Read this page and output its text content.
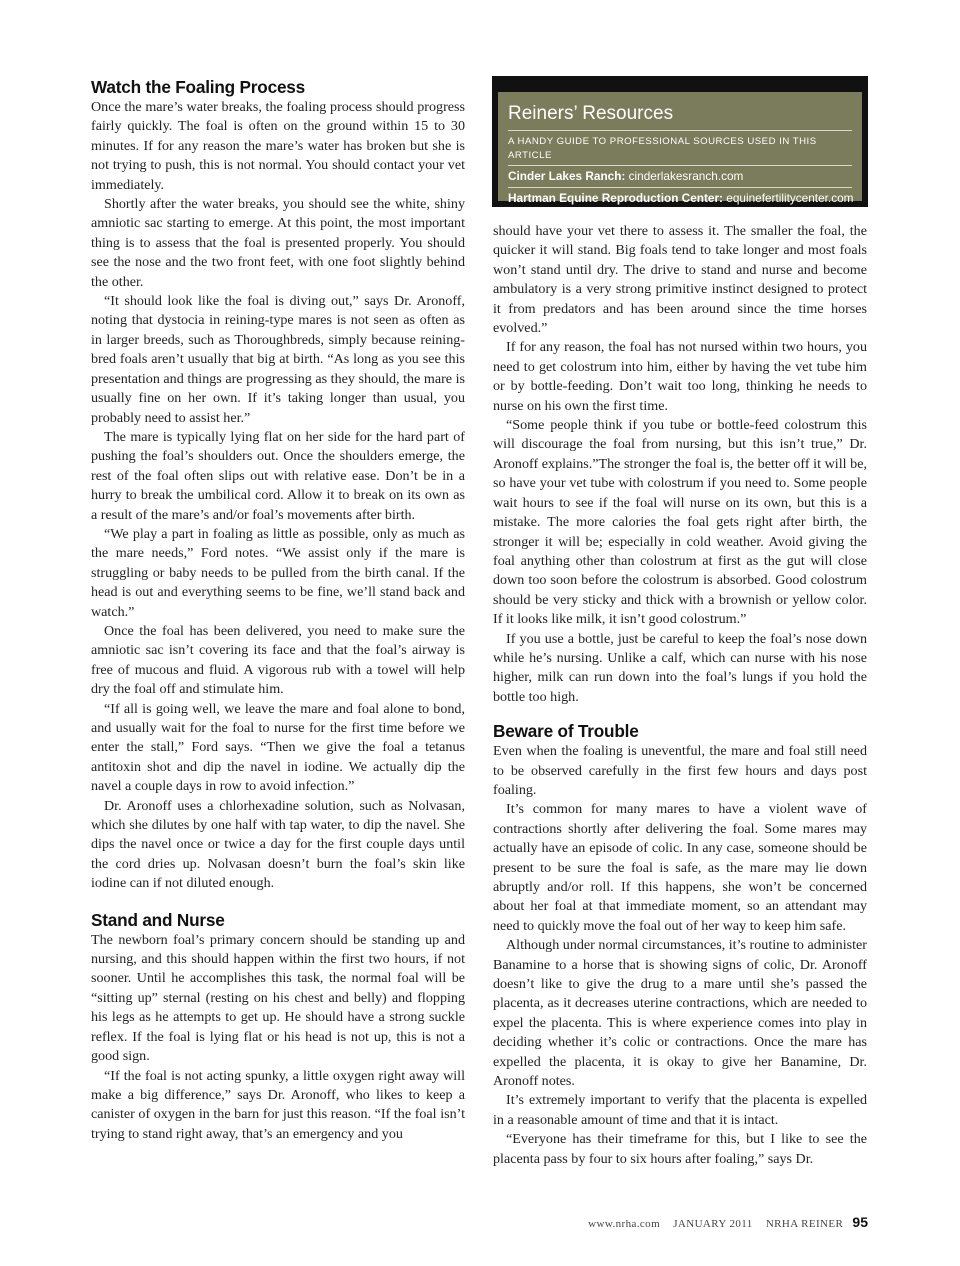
Watch the Foaling Process

Once the mare’s water breaks, the foaling process should progress fairly quickly. The foal is often on the ground within 15 to 30 minutes. If for any reason the mare’s water has broken but she is not trying to push, this is not normal. You should contact your vet immediately.

Shortly after the water breaks, you should see the white, shiny amniotic sac starting to emerge. At this point, the most important thing is to assess that the foal is presented properly. You should see the nose and the two front feet, with one foot slightly behind the other.

“It should look like the foal is diving out,” says Dr. Aronoff, noting that dystocia in reining-type mares is not seen as often as in larger breeds, such as Thoroughbreds, simply because reining-bred foals aren’t usually that big at birth. “As long as you see this presentation and things are progressing as they should, the mare is usually fine on her own. If it’s taking longer than usual, you probably need to assist her.”

The mare is typically lying flat on her side for the hard part of pushing the foal’s shoulders out. Once the shoulders emerge, the rest of the foal often slips out with relative ease. Don’t be in a hurry to break the umbilical cord. Allow it to break on its own as a result of the mare’s and/or foal’s movements after birth.

“We play a part in foaling as little as possible, only as much as the mare needs,” Ford notes. “We assist only if the mare is struggling or baby needs to be pulled from the birth canal. If the head is out and everything seems to be fine, we’ll stand back and watch.”

Once the foal has been delivered, you need to make sure the amniotic sac isn’t covering its face and that the foal’s airway is free of mucous and fluid. A vigorous rub with a towel will help dry the foal off and stimulate him.

“If all is going well, we leave the mare and foal alone to bond, and usually wait for the foal to nurse for the first time before we enter the stall,” Ford says. “Then we give the foal a tetanus antitoxin shot and dip the navel in iodine. We actually dip the navel a couple days in row to avoid infection.”

Dr. Aronoff uses a chlorhexadine solution, such as Nolvasan, which she dilutes by one half with tap water, to dip the navel. She dips the navel once or twice a day for the first couple days until the cord dries up. Nolvasan doesn’t burn the foal’s skin like iodine can if not diluted enough.

Stand and Nurse

The newborn foal’s primary concern should be standing up and nursing, and this should happen within the first two hours, if not sooner. Until he accomplishes this task, the normal foal will be “sitting up” sternal (resting on his chest and belly) and flopping his legs as he attempts to get up. He should have a strong suckle reflex. If the foal is lying flat or his head is not up, this is not a good sign.

“If the foal is not acting spunky, a little oxygen right away will make a big difference,” says Dr. Aronoff, who likes to keep a canister of oxygen in the barn for just this reason. “If the foal isn’t trying to stand right away, that’s an emergency and you

Reiners’ Resources
A HANDY GUIDE TO PROFESSIONAL SOURCES USED IN THIS ARTICLE
Cinder Lakes Ranch: cinderlakesranch.com
Hartman Equine Reproduction Center: equinefertilitycenter.com

should have your vet there to assess it. The smaller the foal, the quicker it will stand. Big foals tend to take longer and most foals won’t stand until dry. The drive to stand and nurse and become ambulatory is a very strong primitive instinct designed to protect it from predators and has been around since the time horses evolved.”

If for any reason, the foal has not nursed within two hours, you need to get colostrum into him, either by having the vet tube him or by bottle-feeding. Don’t wait too long, thinking he needs to nurse on his own the first time.

“Some people think if you tube or bottle-feed colostrum this will discourage the foal from nursing, but this isn’t true,” Dr. Aronoff explains.”The stronger the foal is, the better off it will be, so have your vet tube with colostrum if you need to. Some people wait hours to see if the foal will nurse on its own, but this is a mistake. The more calories the foal gets right after birth, the stronger it will be; especially in cold weather. Avoid giving the foal anything other than colostrum at first as the gut will close down too soon before the colostrum is absorbed. Good colostrum should be very sticky and thick with a brownish or yellow color. If it looks like milk, it isn’t good colostrum.”

If you use a bottle, just be careful to keep the foal’s nose down while he’s nursing. Unlike a calf, which can nurse with his nose higher, milk can run down into the foal’s lungs if you hold the bottle too high.

Beware of Trouble

Even when the foaling is uneventful, the mare and foal still need to be observed carefully in the first few hours and days post foaling.

It’s common for many mares to have a violent wave of contractions shortly after delivering the foal. Some mares may actually have an episode of colic. In any case, someone should be present to be sure the foal is safe, as the mare may lie down abruptly and/or roll. If this happens, she won’t be concerned about her foal at that immediate moment, so an attendant may need to quickly move the foal out of her way to keep him safe.

Although under normal circumstances, it’s routine to administer Banamine to a horse that is showing signs of colic, Dr. Aronoff doesn’t like to give the drug to a mare until she’s passed the placenta, as it decreases uterine contractions, which are needed to expel the placenta. This is where experience comes into play in deciding whether it’s colic or contractions. Once the mare has expelled the placenta, it is okay to give her Banamine, Dr. Aronoff notes.

It’s extremely important to verify that the placenta is expelled in a reasonable amount of time and that it is intact.

“Everyone has their timeframe for this, but I like to see the placenta pass by four to six hours after foaling,” says Dr.

www.nrha.com JANUARY 2011 NRHA REINER 95
